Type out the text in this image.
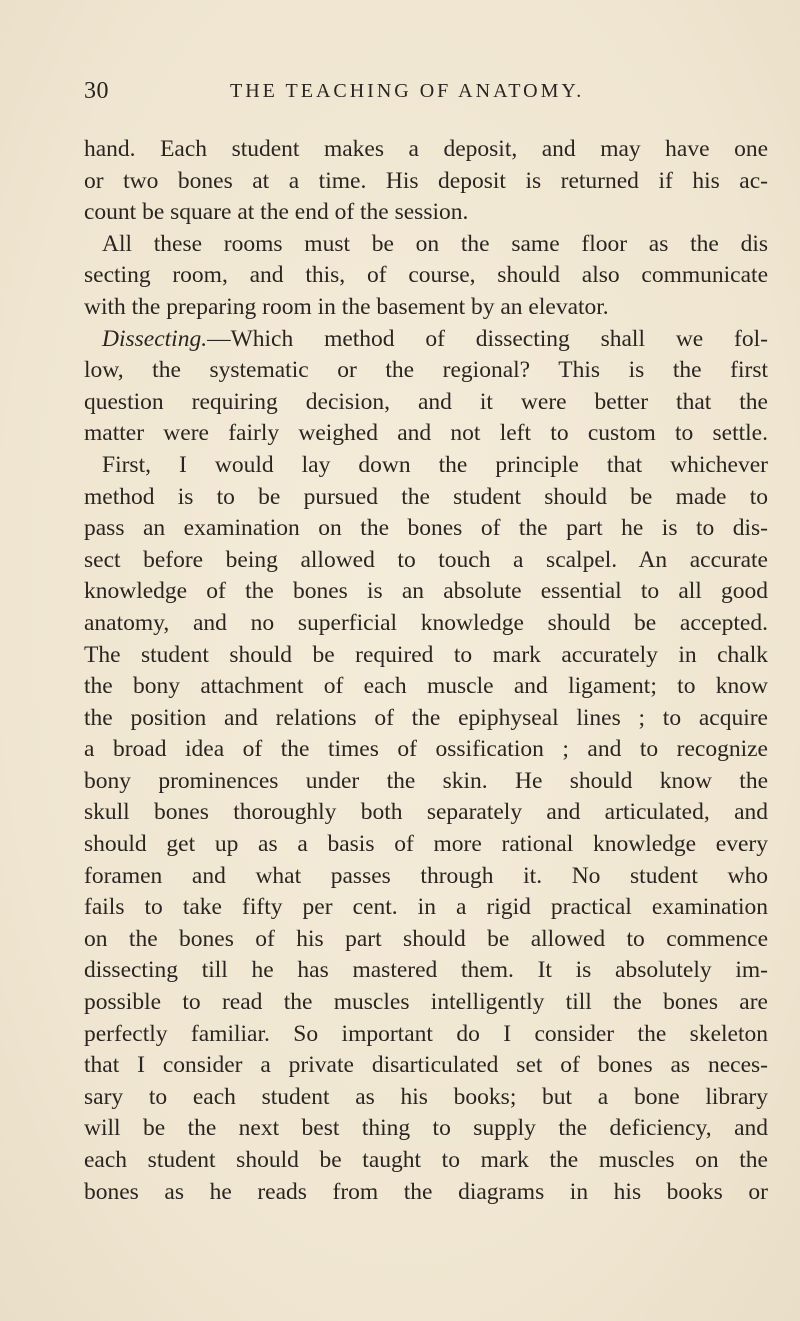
30	THE TEACHING OF ANATOMY.
hand. Each student makes a deposit, and may have one
or two bones at a time. His deposit is returned if his ac-
count be square at the end of the session.
All these rooms must be on the same floor as the dis
secting room, and this, of course, should also communicate
with the preparing room in the basement by an elevator.
Dissecting.—Which method of dissecting shall we fol-
low, the systematic or the regional? This is the first
question requiring decision, and it were better that the
matter were fairly weighed and not left to custom to settle.
First, I would lay down the principle that whichever
method is to be pursued the student should be made to
pass an examination on the bones of the part he is to dis-
sect before being allowed to touch a scalpel. An accurate
knowledge of the bones is an absolute essential to all good
anatomy, and no superficial knowledge should be accepted.
The student should be required to mark accurately in chalk
the bony attachment of each muscle and ligament; to know
the position and relations of the epiphyseal lines ; to acquire
a broad idea of the times of ossification ; and to recognize
bony prominences under the skin. He should know the
skull bones thoroughly both separately and articulated, and
should get up as a basis of more rational knowledge every
foramen and what passes through it. No student who
fails to take fifty per cent. in a rigid practical examination
on the bones of his part should be allowed to commence
dissecting till he has mastered them. It is absolutely im-
possible to read the muscles intelligently till the bones are
perfectly familiar. So important do I consider the skeleton
that I consider a private disarticulated set of bones as neces-
sary to each student as his books; but a bone library
will be the next best thing to supply the deficiency, and
each student should be taught to mark the muscles on the
bones as he reads from the diagrams in his books or
